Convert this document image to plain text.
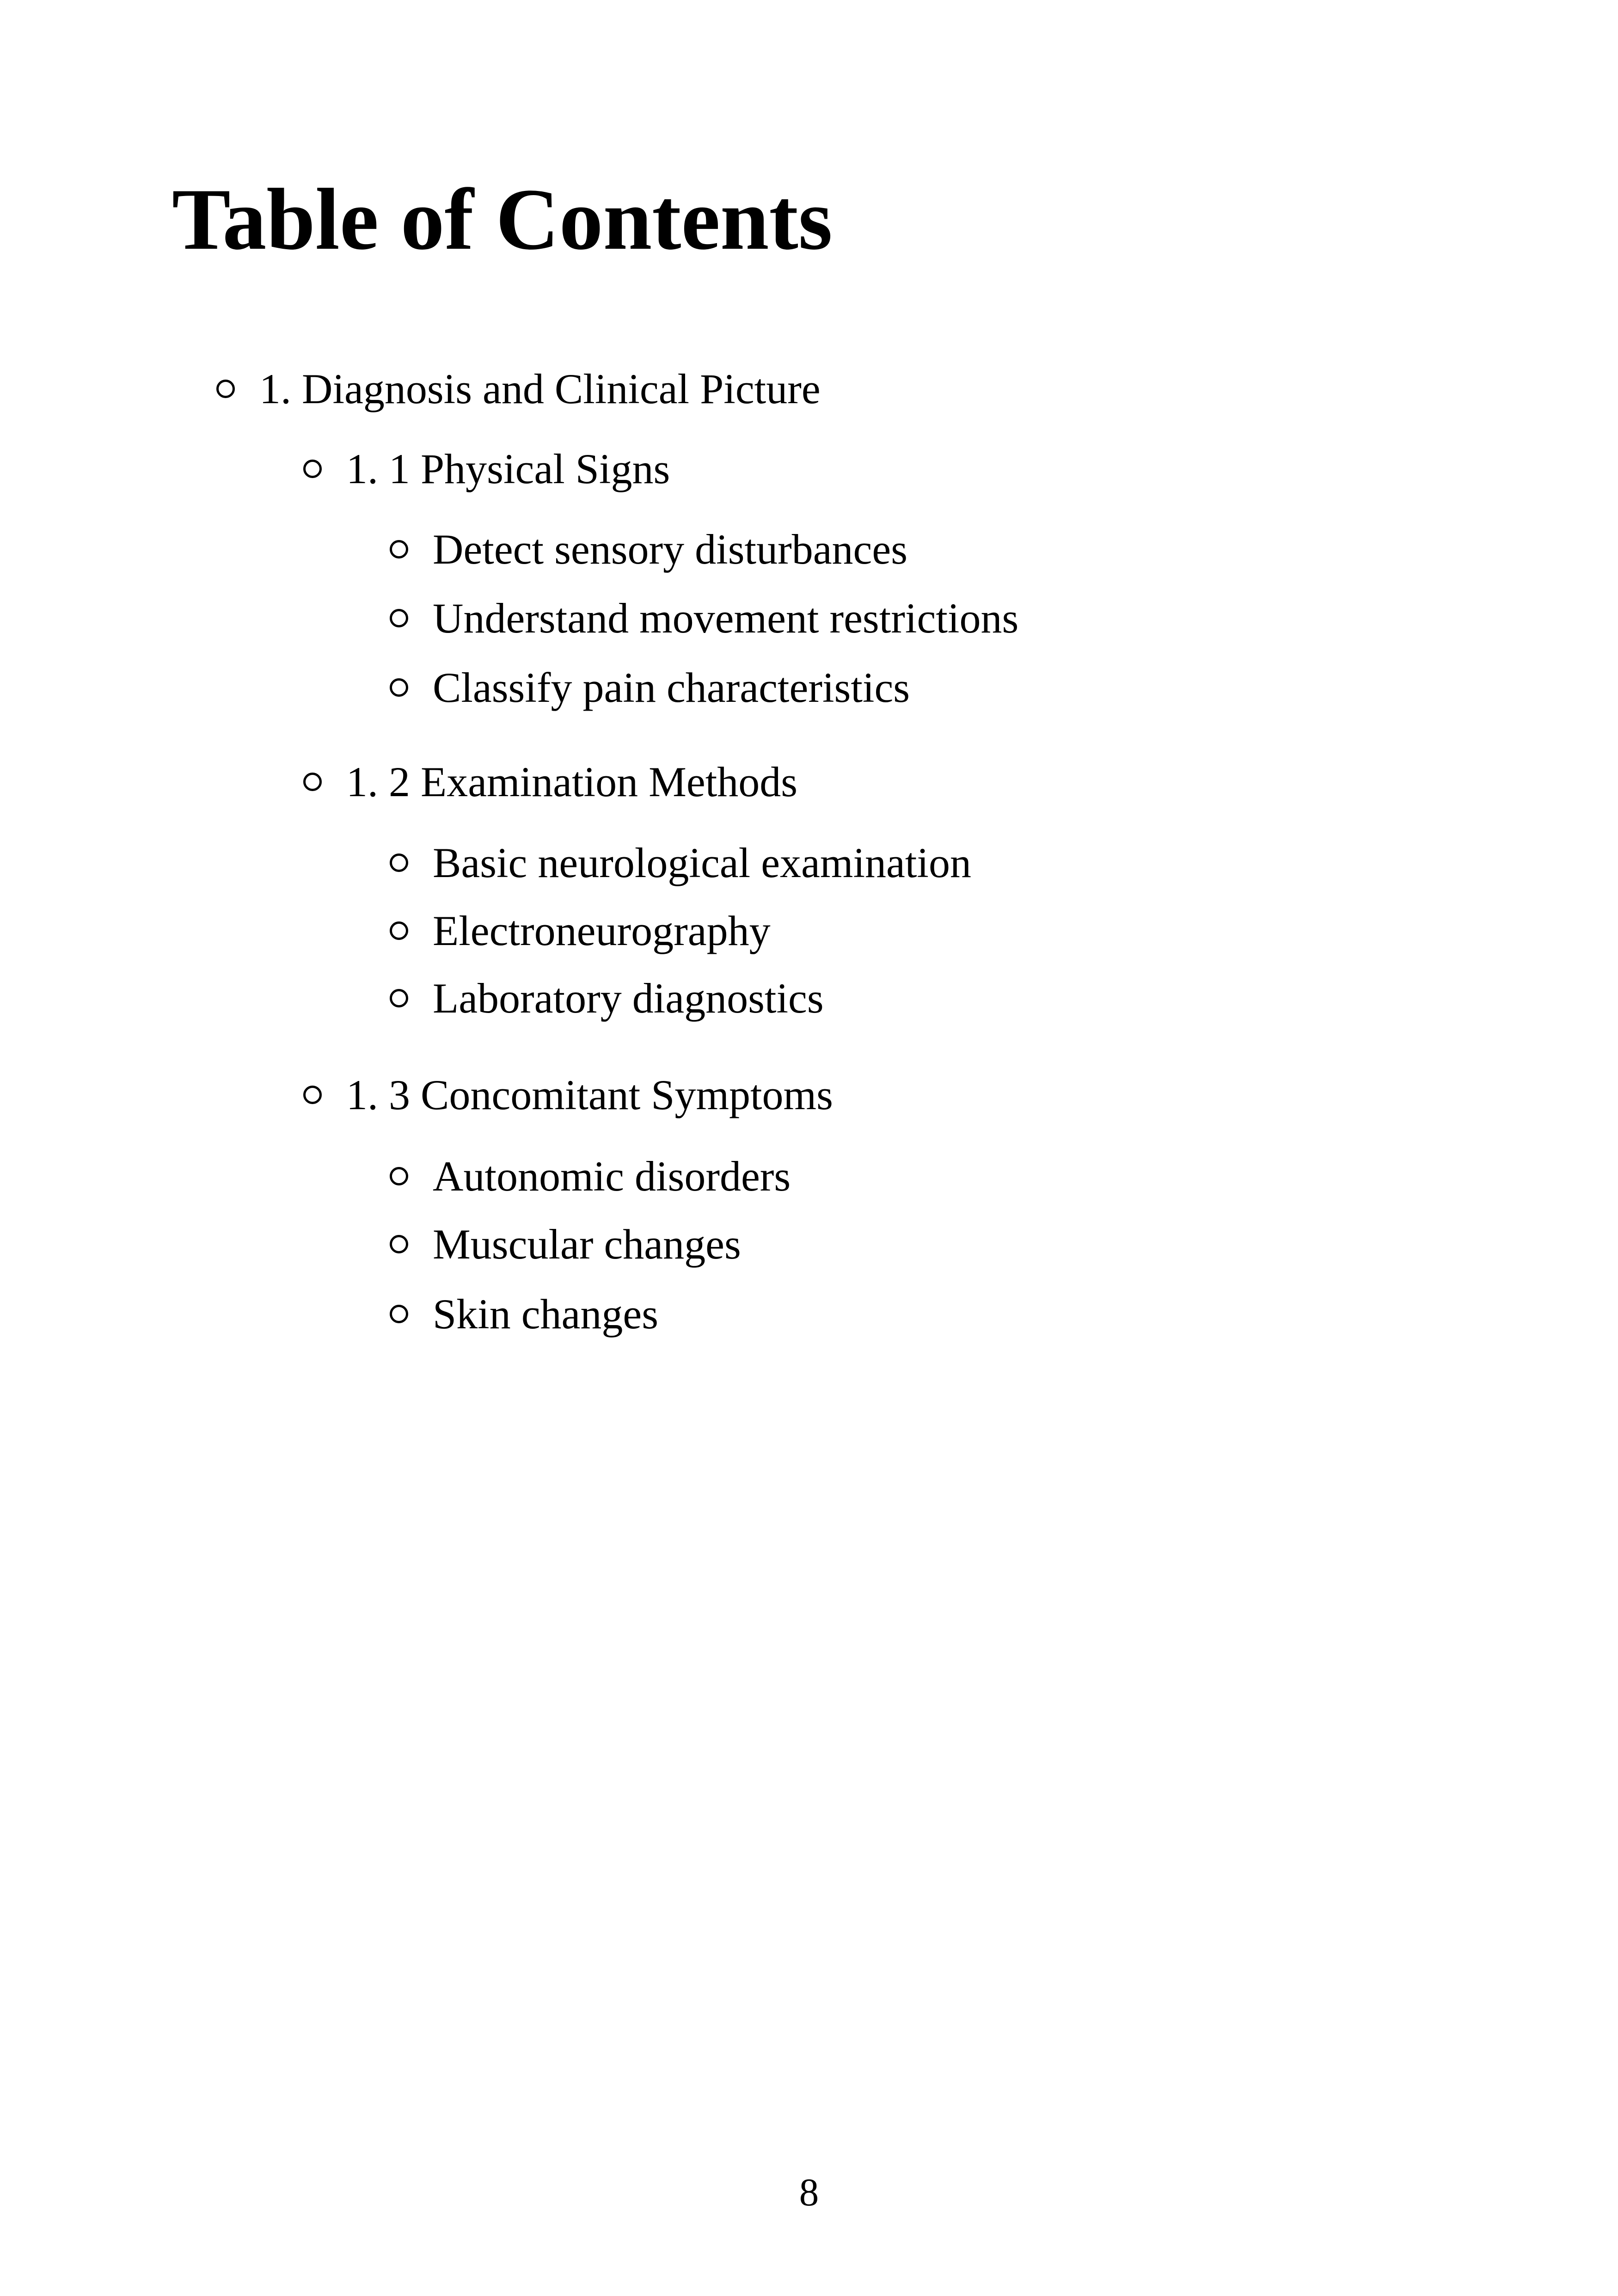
Table of Contents
1. Diagnosis and Clinical Picture
1. 1 Physical Signs
Detect sensory disturbances
Understand movement restrictions
Classify pain characteristics
1. 2 Examination Methods
Basic neurological examination
Electroneurography
Laboratory diagnostics
1. 3 Concomitant Symptoms
Autonomic disorders
Muscular changes
Skin changes
8
